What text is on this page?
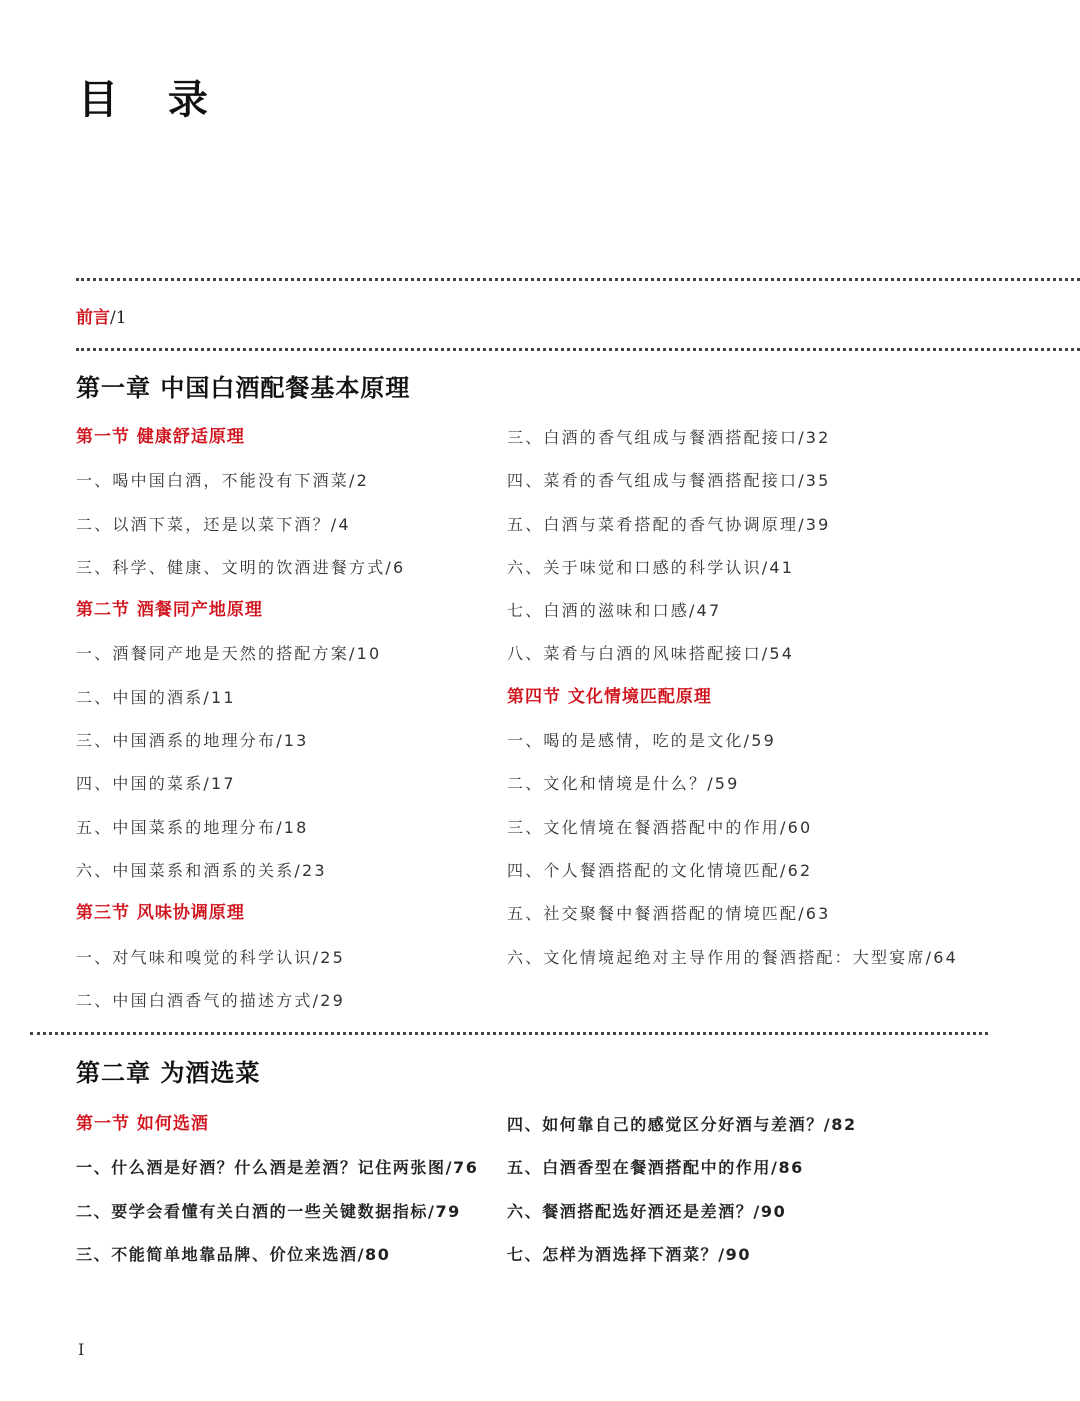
目 录
前言/1
第一章 中国白酒配餐基本原理
第一节 健康舒适原理
一、喝中国白酒，不能没有下酒菜/2
二、以酒下菜，还是以菜下酒？/4
三、科学、健康、文明的饮酒进餐方式/6
第二节 酒餐同产地原理
一、酒餐同产地是天然的搭配方案/10
二、中国的酒系/11
三、中国酒系的地理分布/13
四、中国的菜系/17
五、中国菜系的地理分布/18
六、中国菜系和酒系的关系/23
第三节 风味协调原理
一、对气味和嗅觉的科学认识/25
二、中国白酒香气的描述方式/29
三、白酒的香气组成与餐酒搭配接口/32
四、菜肴的香气组成与餐酒搭配接口/35
五、白酒与菜肴搭配的香气协调原理/39
六、关于味觉和口感的科学认识/41
七、白酒的滋味和口感/47
八、菜肴与白酒的风味搭配接口/54
第四节 文化情境匹配原理
一、喝的是感情，吃的是文化/59
二、文化和情境是什么？/59
三、文化情境在餐酒搭配中的作用/60
四、个人餐酒搭配的文化情境匹配/62
五、社交聚餐中餐酒搭配的情境匹配/63
六、文化情境起绝对主导作用的餐酒搭配：大型宴席/64
第二章 为酒选菜
第一节 如何选酒
一、什么酒是好酒？什么酒是差酒？记住两张图/76
二、要学会看懂有关白酒的一些关键数据指标/79
三、不能简单地靠品牌、价位来选酒/80
四、如何靠自己的感觉区分好酒与差酒？/82
五、白酒香型在餐酒搭配中的作用/86
六、餐酒搭配选好酒还是差酒？/90
七、怎样为酒选择下酒菜？/90
I
